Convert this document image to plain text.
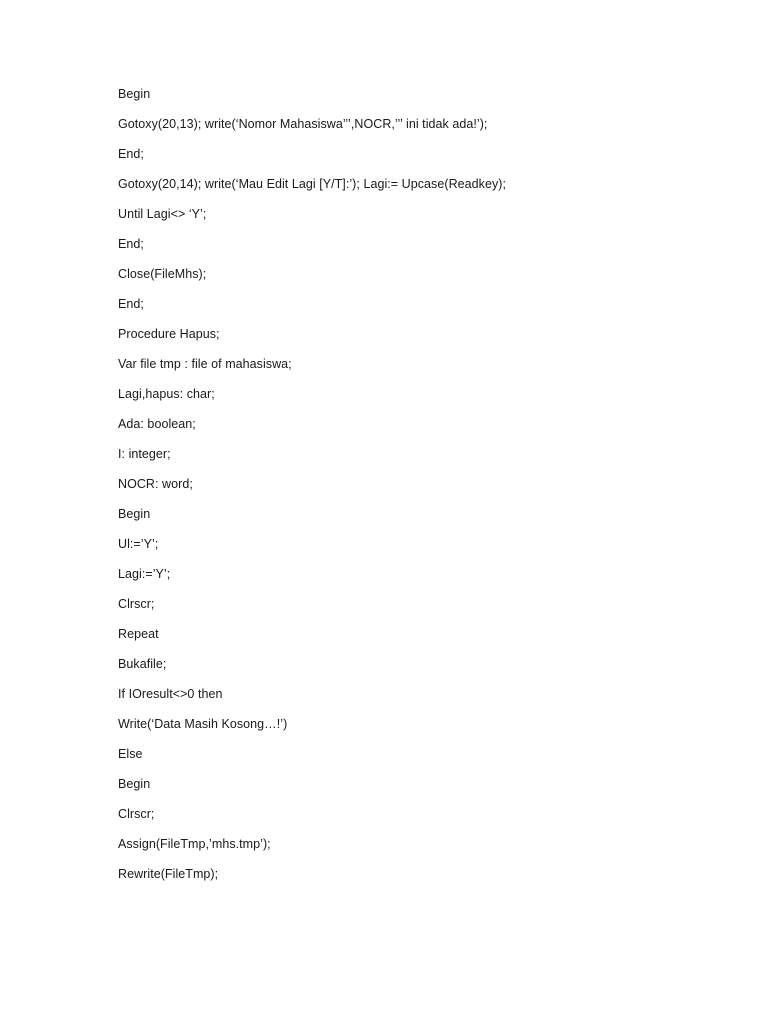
Begin
Gotoxy(20,13); write(‘Nomor Mahasiswa’’’,NOCR,’’’ ini tidak ada!’);
End;
Gotoxy(20,14); write(‘Mau Edit Lagi [Y/T]:’); Lagi:= Upcase(Readkey);
Until Lagi<> ‘Y’;
End;
Close(FileMhs);
End;
Procedure Hapus;
Var file tmp : file of mahasiswa;
Lagi,hapus: char;
Ada: boolean;
I: integer;
NOCR: word;
Begin
Ul:=’Y’;
Lagi:=’Y’;
Clrscr;
Repeat
Bukafile;
If IOresult<>0 then
Write(‘Data Masih Kosong…!’)
Else
Begin
Clrscr;
Assign(FileTmp,’mhs.tmp’);
Rewrite(FileTmp);
